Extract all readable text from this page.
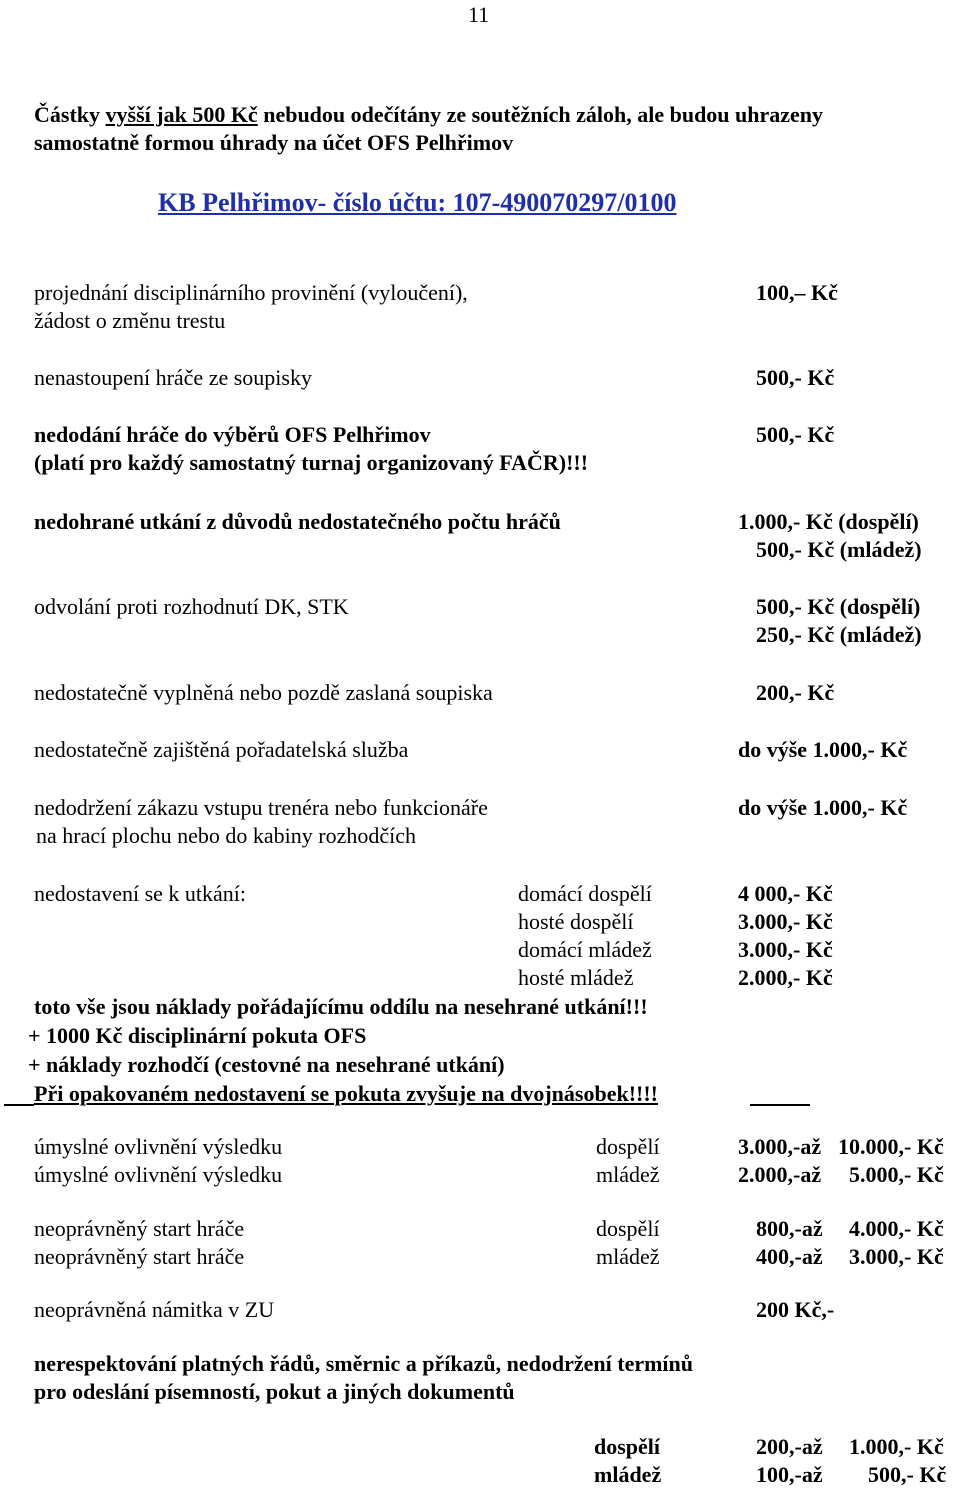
11
Částky vyšší jak 500 Kč nebudou odečítány ze soutěžních záloh, ale budou uhrazeny
samostatně formou úhrady na účet OFS Pelhřimov
KB Pelhřimov- číslo účtu: 107-490070297/0100
projednání disciplinárního provinění (vyloučení),
žádost o změnu trestu
100,– Kč
nenastoupení hráče ze soupisky	500,- Kč
nedodání hráče do výběrů OFS Pelhřimov
(platí pro každý samostatný turnaj organizovaný FAČR)!!!
500,- Kč
nedohrané utkání z důvodů nedostatečného počtu hráčů	1.000,- Kč (dospělí)
500,- Kč (mládež)
odvolání proti rozhodnutí DK, STK	500,- Kč (dospělí)
250,- Kč (mládež)
nedostatečně vyplněná nebo pozdě zaslaná soupiska	200,- Kč
nedostatečně zajištěná pořadatelská služba	do výše 1.000,- Kč
nedodržení zákazu vstupu trenéra nebo funkcionáře
na hrací plochu nebo do kabiny rozhodčích
do výše 1.000,- Kč
nedostavení se k utkání:	domácí dospělí	4 000,- Kč
hosté dospělí	3.000,- Kč
domácí mládež	3.000,- Kč
hosté mládež	2.000,- Kč
toto vše jsou náklady pořádajícímu oddílu na nesehrané utkání!!!
+ 1000 Kč disciplinární pokuta OFS
+ náklady rozhodčí (cestovné na nesehrané utkání)
Při opakovaném nedostavení se pokuta zvyšuje na dvojnásobek!!!!
úmyslné ovlivnění výsledku	dospělí	3.000,-až 10.000,- Kč
úmyslné ovlivnění výsledku	mládež	2.000,-až 5.000,- Kč
neoprávněný start hráče	dospělí	800,-až 4.000,- Kč
neoprávněný start hráče	mládež	400,-až 3.000,- Kč
neoprávněná námitka v ZU	200 Kč,-
nerespektování platných řádů, směrnic a příkazů, nedodržení termínů
pro odeslání písemností, pokut a jiných dokumentů
dospělí	200,-až 1.000,- Kč
mládež	100,-až 500,- Kč
